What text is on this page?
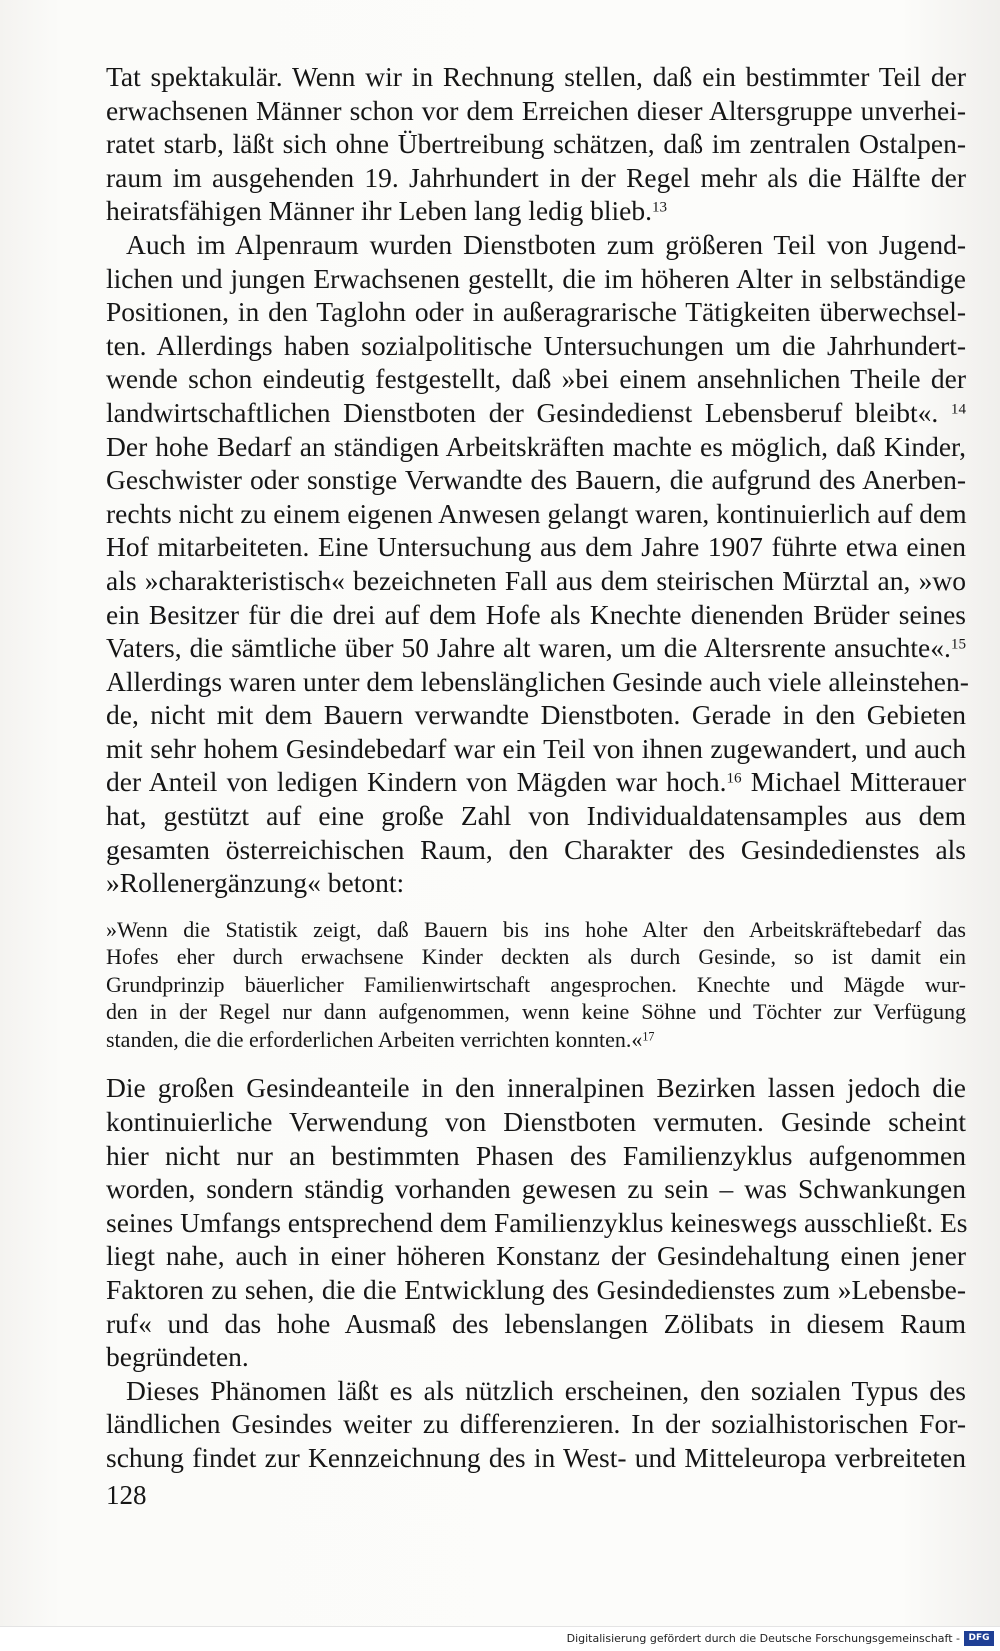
Tat spektakulär. Wenn wir in Rechnung stellen, daß ein bestimmter Teil der
erwachsenen Männer schon vor dem Erreichen dieser Altersgruppe unverhei-
ratet starb, läßt sich ohne Übertreibung schätzen, daß im zentralen Ostalpen-
raum im ausgehenden 19. Jahrhundert in der Regel mehr als die Hälfte der
heiratsfähigen Männer ihr Leben lang ledig blieb.$^{13}$

Auch im Alpenraum wurden Dienstboten zum größeren Teil von Jugend-
lichen und jungen Erwachsenen gestellt, die im höheren Alter in selbständige
Positionen, in den Taglohn oder in außeragrarische Tätigkeiten überwechsel-
ten. Allerdings haben sozialpolitische Untersuchungen um die Jahrhundert-
wende schon eindeutig festgestellt, daß »bei einem ansehnlichen Theile der
landwirtschaftlichen Dienstboten der Gesindedienst Lebensberuf bleibt«. $^{14}$
Der hohe Bedarf an ständigen Arbeitskräften machte es möglich, daß Kinder,
Geschwister oder sonstige Verwandte des Bauern, die aufgrund des Anerben-
rechts nicht zu einem eigenen Anwesen gelangt waren, kontinuierlich auf dem
Hof mitarbeiteten. Eine Untersuchung aus dem Jahre 1907 führte etwa einen
als »charakteristisch« bezeichneten Fall aus dem steirischen Mürztal an, »wo
ein Besitzer für die drei auf dem Hofe als Knechte dienenden Brüder seines
Vaters, die sämtliche über 50 Jahre alt waren, um die Altersrente ansuchte«.$^{15}$
Allerdings waren unter dem lebenslänglichen Gesinde auch viele alleinstehen-
de, nicht mit dem Bauern verwandte Dienstboten. Gerade in den Gebieten
mit sehr hohem Gesindebedarf war ein Teil von ihnen zugewandert, und auch
der Anteil von ledigen Kindern von Mägden war hoch.$^{16}$ Michael Mitterauer
hat, gestützt auf eine große Zahl von Individualdatensamples aus dem
gesamten österreichischen Raum, den Charakter des Gesindedienstes als
»Rollenergänzung« betont:

»Wenn die Statistik zeigt, daß Bauern bis ins hohe Alter den Arbeitskräftebedarf das
Hofes eher durch erwachsene Kinder deckten als durch Gesinde, so ist damit ein
Grundprinzip bäuerlicher Familienwirtschaft angesprochen. Knechte und Mägde wur-
den in der Regel nur dann aufgenommen, wenn keine Söhne und Töchter zur Verfügung
standen, die die erforderlichen Arbeiten verrichten konnten.«$^{17}$

Die großen Gesindeanteile in den inneralpinen Bezirken lassen jedoch die
kontinuierliche Verwendung von Dienstboten vermuten. Gesinde scheint
hier nicht nur an bestimmten Phasen des Familienzyklus aufgenommen
worden, sondern ständig vorhanden gewesen zu sein – was Schwankungen
seines Umfangs entsprechend dem Familienzyklus keineswegs ausschließt. Es
liegt nahe, auch in einer höheren Konstanz der Gesindehaltung einen jener
Faktoren zu sehen, die die Entwicklung des Gesindedienstes zum »Lebensbe-
ruf« und das hohe Ausmaß des lebenslangen Zölibats in diesem Raum
begründeten.

Dieses Phänomen läßt es als nützlich erscheinen, den sozialen Typus des
ländlichen Gesindes weiter zu differenzieren. In der sozialhistorischen For-
schung findet zur Kennzeichnung des in West- und Mitteleuropa verbreiteten

128
Digitalisierung gefördert durch die Deutsche Forschungsgemeinschaft - DFG
